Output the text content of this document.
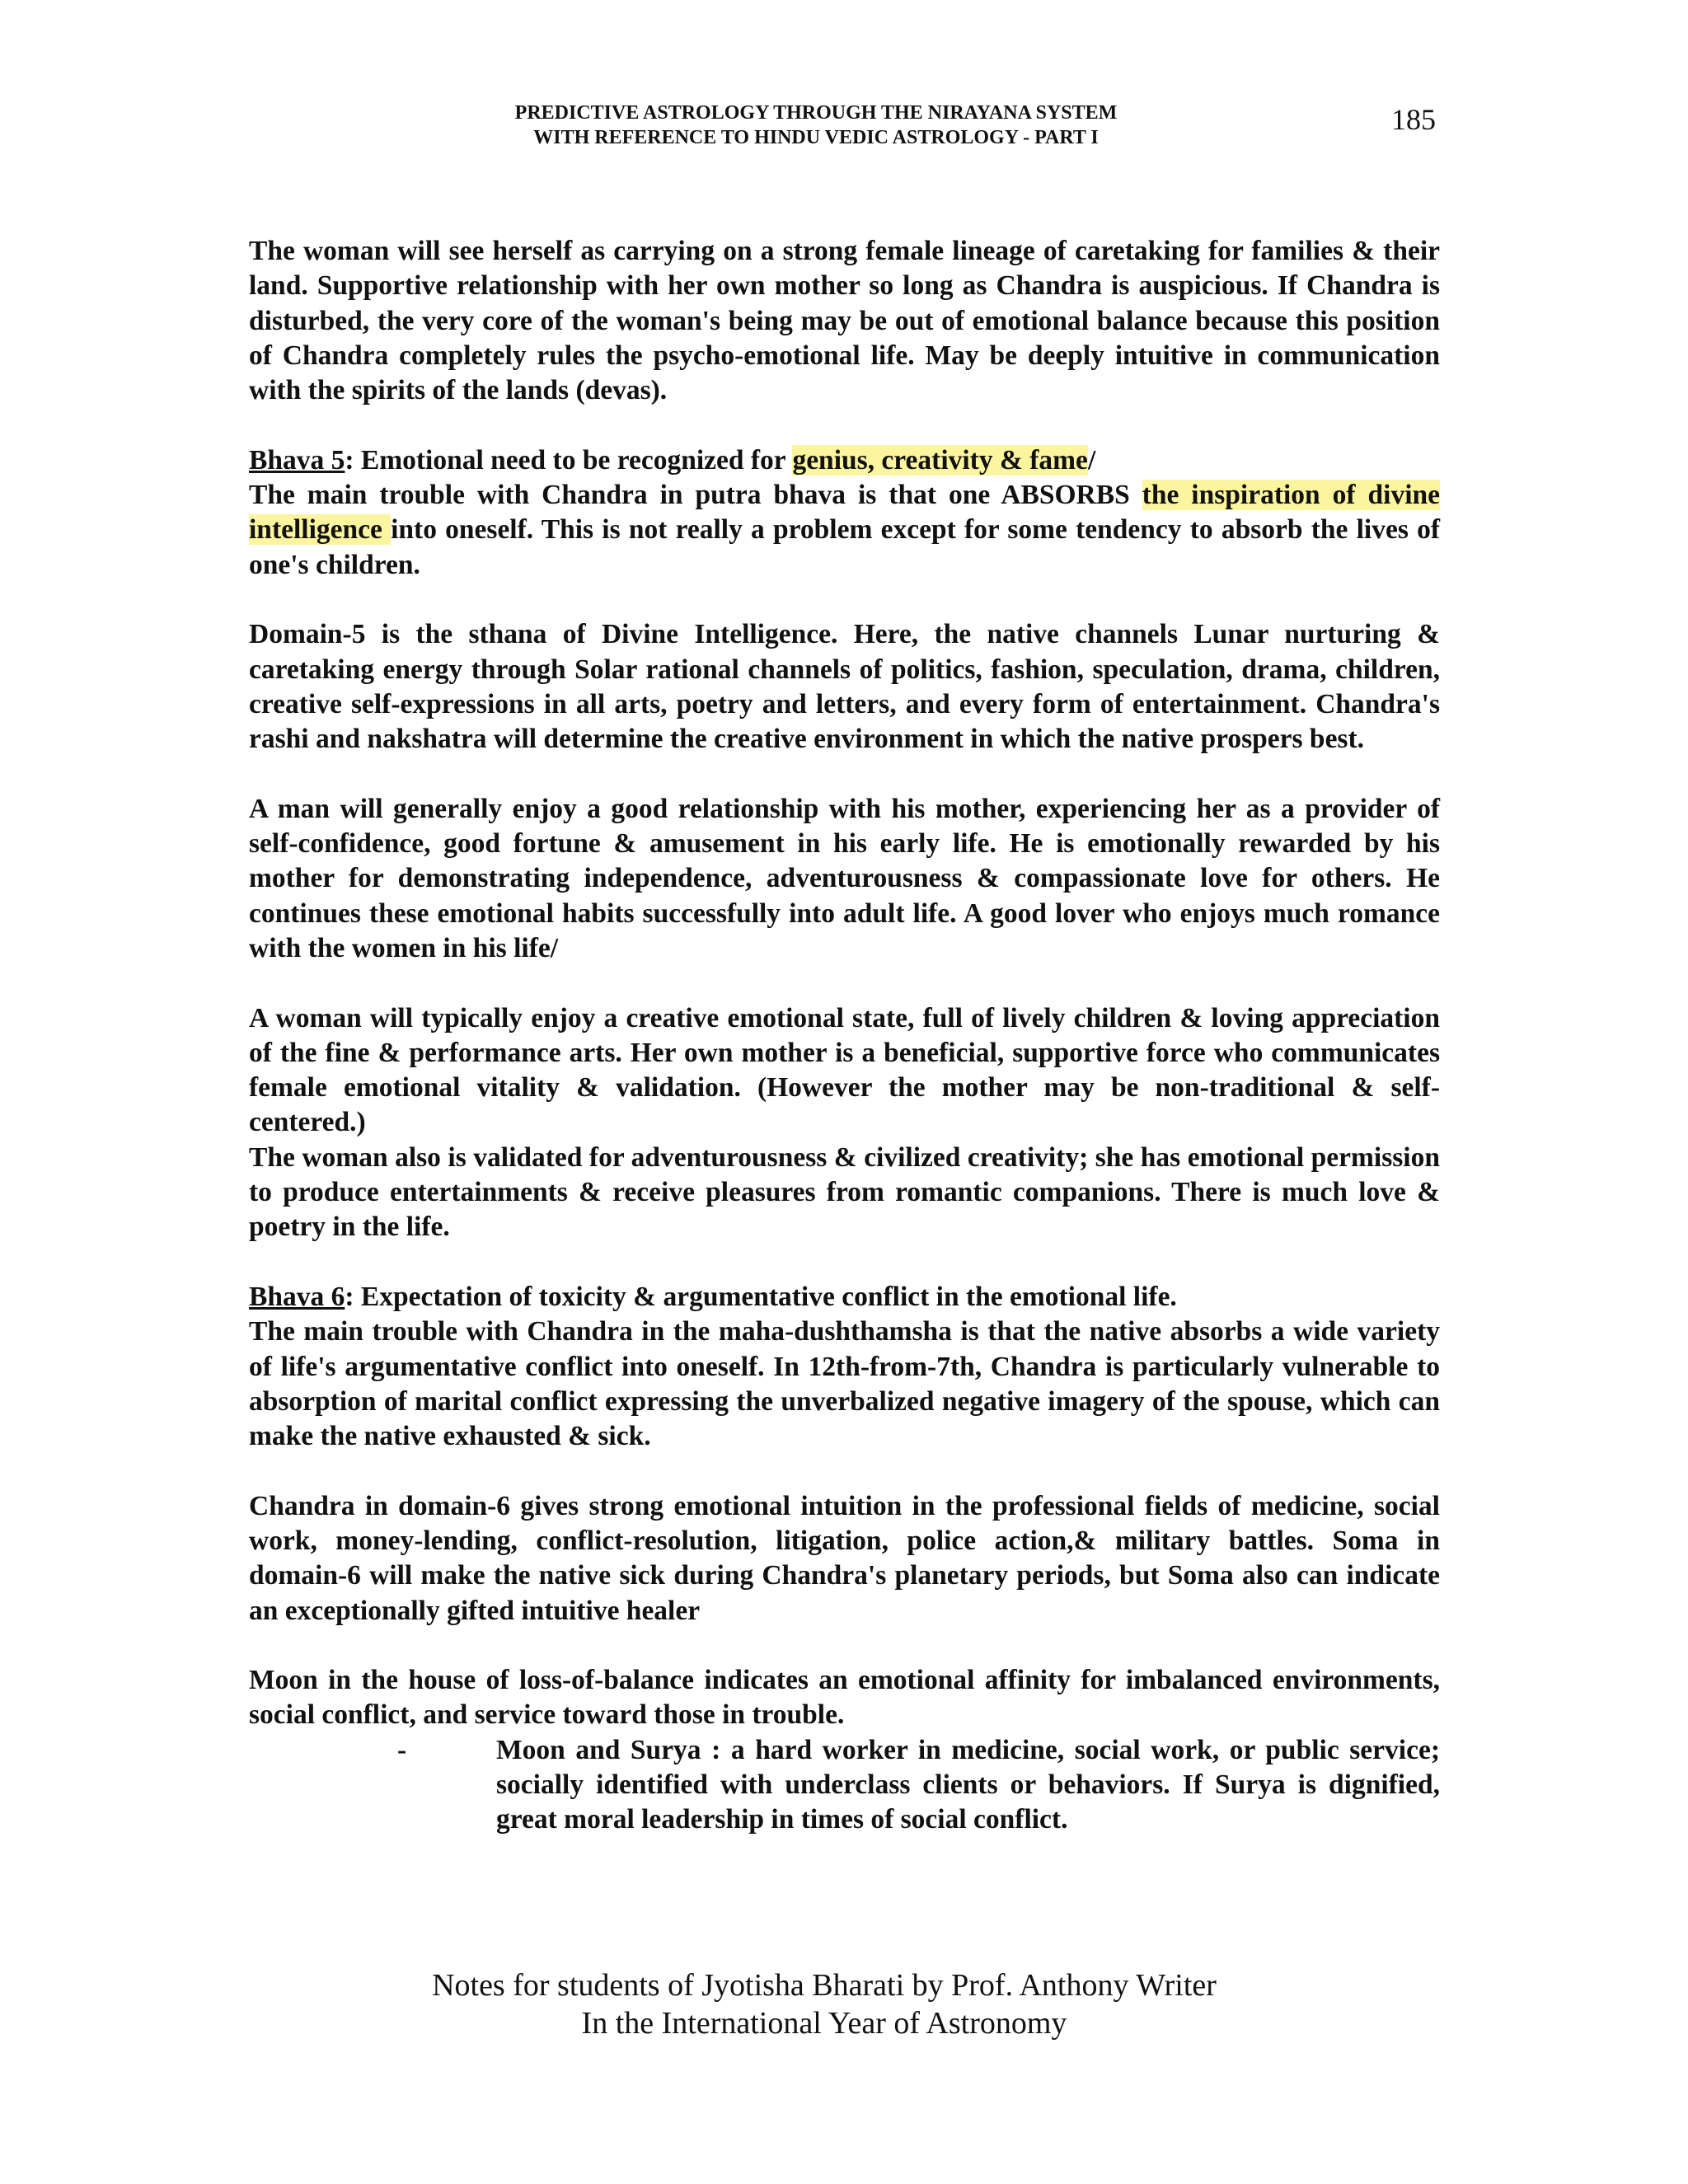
PREDICTIVE ASTROLOGY THROUGH THE NIRAYANA SYSTEM
WITH REFERENCE TO HINDU VEDIC ASTROLOGY - PART I
185

The woman will see herself as carrying on a strong female lineage of caretaking for families & their land. Supportive relationship with her own mother so long as Chandra is auspicious. If Chandra is disturbed, the very core of the woman's being may be out of emotional balance because this position of Chandra completely rules the psycho-emotional life. May be deeply intuitive in communication with the spirits of the lands (devas).

Bhava 5: Emotional need to be recognized for genius, creativity & fame/

The main trouble with Chandra in putra bhava is that one ABSORBS the inspiration of divine intelligence into oneself. This is not really a problem except for some tendency to absorb the lives of one's children.

Domain-5 is the sthana of Divine Intelligence. Here, the native channels Lunar nurturing & caretaking energy through Solar rational channels of politics, fashion, speculation, drama, children, creative self-expressions in all arts, poetry and letters, and every form of entertainment. Chandra's rashi and nakshatra will determine the creative environment in which the native prospers best.

A man will generally enjoy a good relationship with his mother, experiencing her as a provider of self-confidence, good fortune & amusement in his early life. He is emotionally rewarded by his mother for demonstrating independence, adventurousness & compassionate love for others. He continues these emotional habits successfully into adult life. A good lover who enjoys much romance with the women in his life/

A woman will typically enjoy a creative emotional state, full of lively children & loving appreciation of the fine & performance arts. Her own mother is a beneficial, supportive force who communicates female emotional vitality & validation. (However the mother may be non-traditional & self-centered.)

The woman also is validated for adventurousness & civilized creativity; she has emotional permission to produce entertainments & receive pleasures from romantic companions. There is much love & poetry in the life.

Bhava 6: Expectation of toxicity & argumentative conflict in the emotional life.

The main trouble with Chandra in the maha-dushthamsha is that the native absorbs a wide variety of life's argumentative conflict into oneself. In 12th-from-7th, Chandra is particularly vulnerable to absorption of marital conflict expressing the unverbalized negative imagery of the spouse, which can make the native exhausted & sick.

Chandra in domain-6 gives strong emotional intuition in the professional fields of medicine, social work, money-lending, conflict-resolution, litigation, police action,& military battles. Soma in domain-6 will make the native sick during Chandra's planetary periods, but Soma also can indicate an exceptionally gifted intuitive healer

Moon in the house of loss-of-balance indicates an emotional affinity for imbalanced environments, social conflict, and service toward those in trouble.

-	Moon and Surya : a hard worker in medicine, social work, or public service; socially identified with underclass clients or behaviors. If Surya is dignified, great moral leadership in times of social conflict.
Notes for students of Jyotisha Bharati by Prof. Anthony Writer
In the International Year of Astronomy
